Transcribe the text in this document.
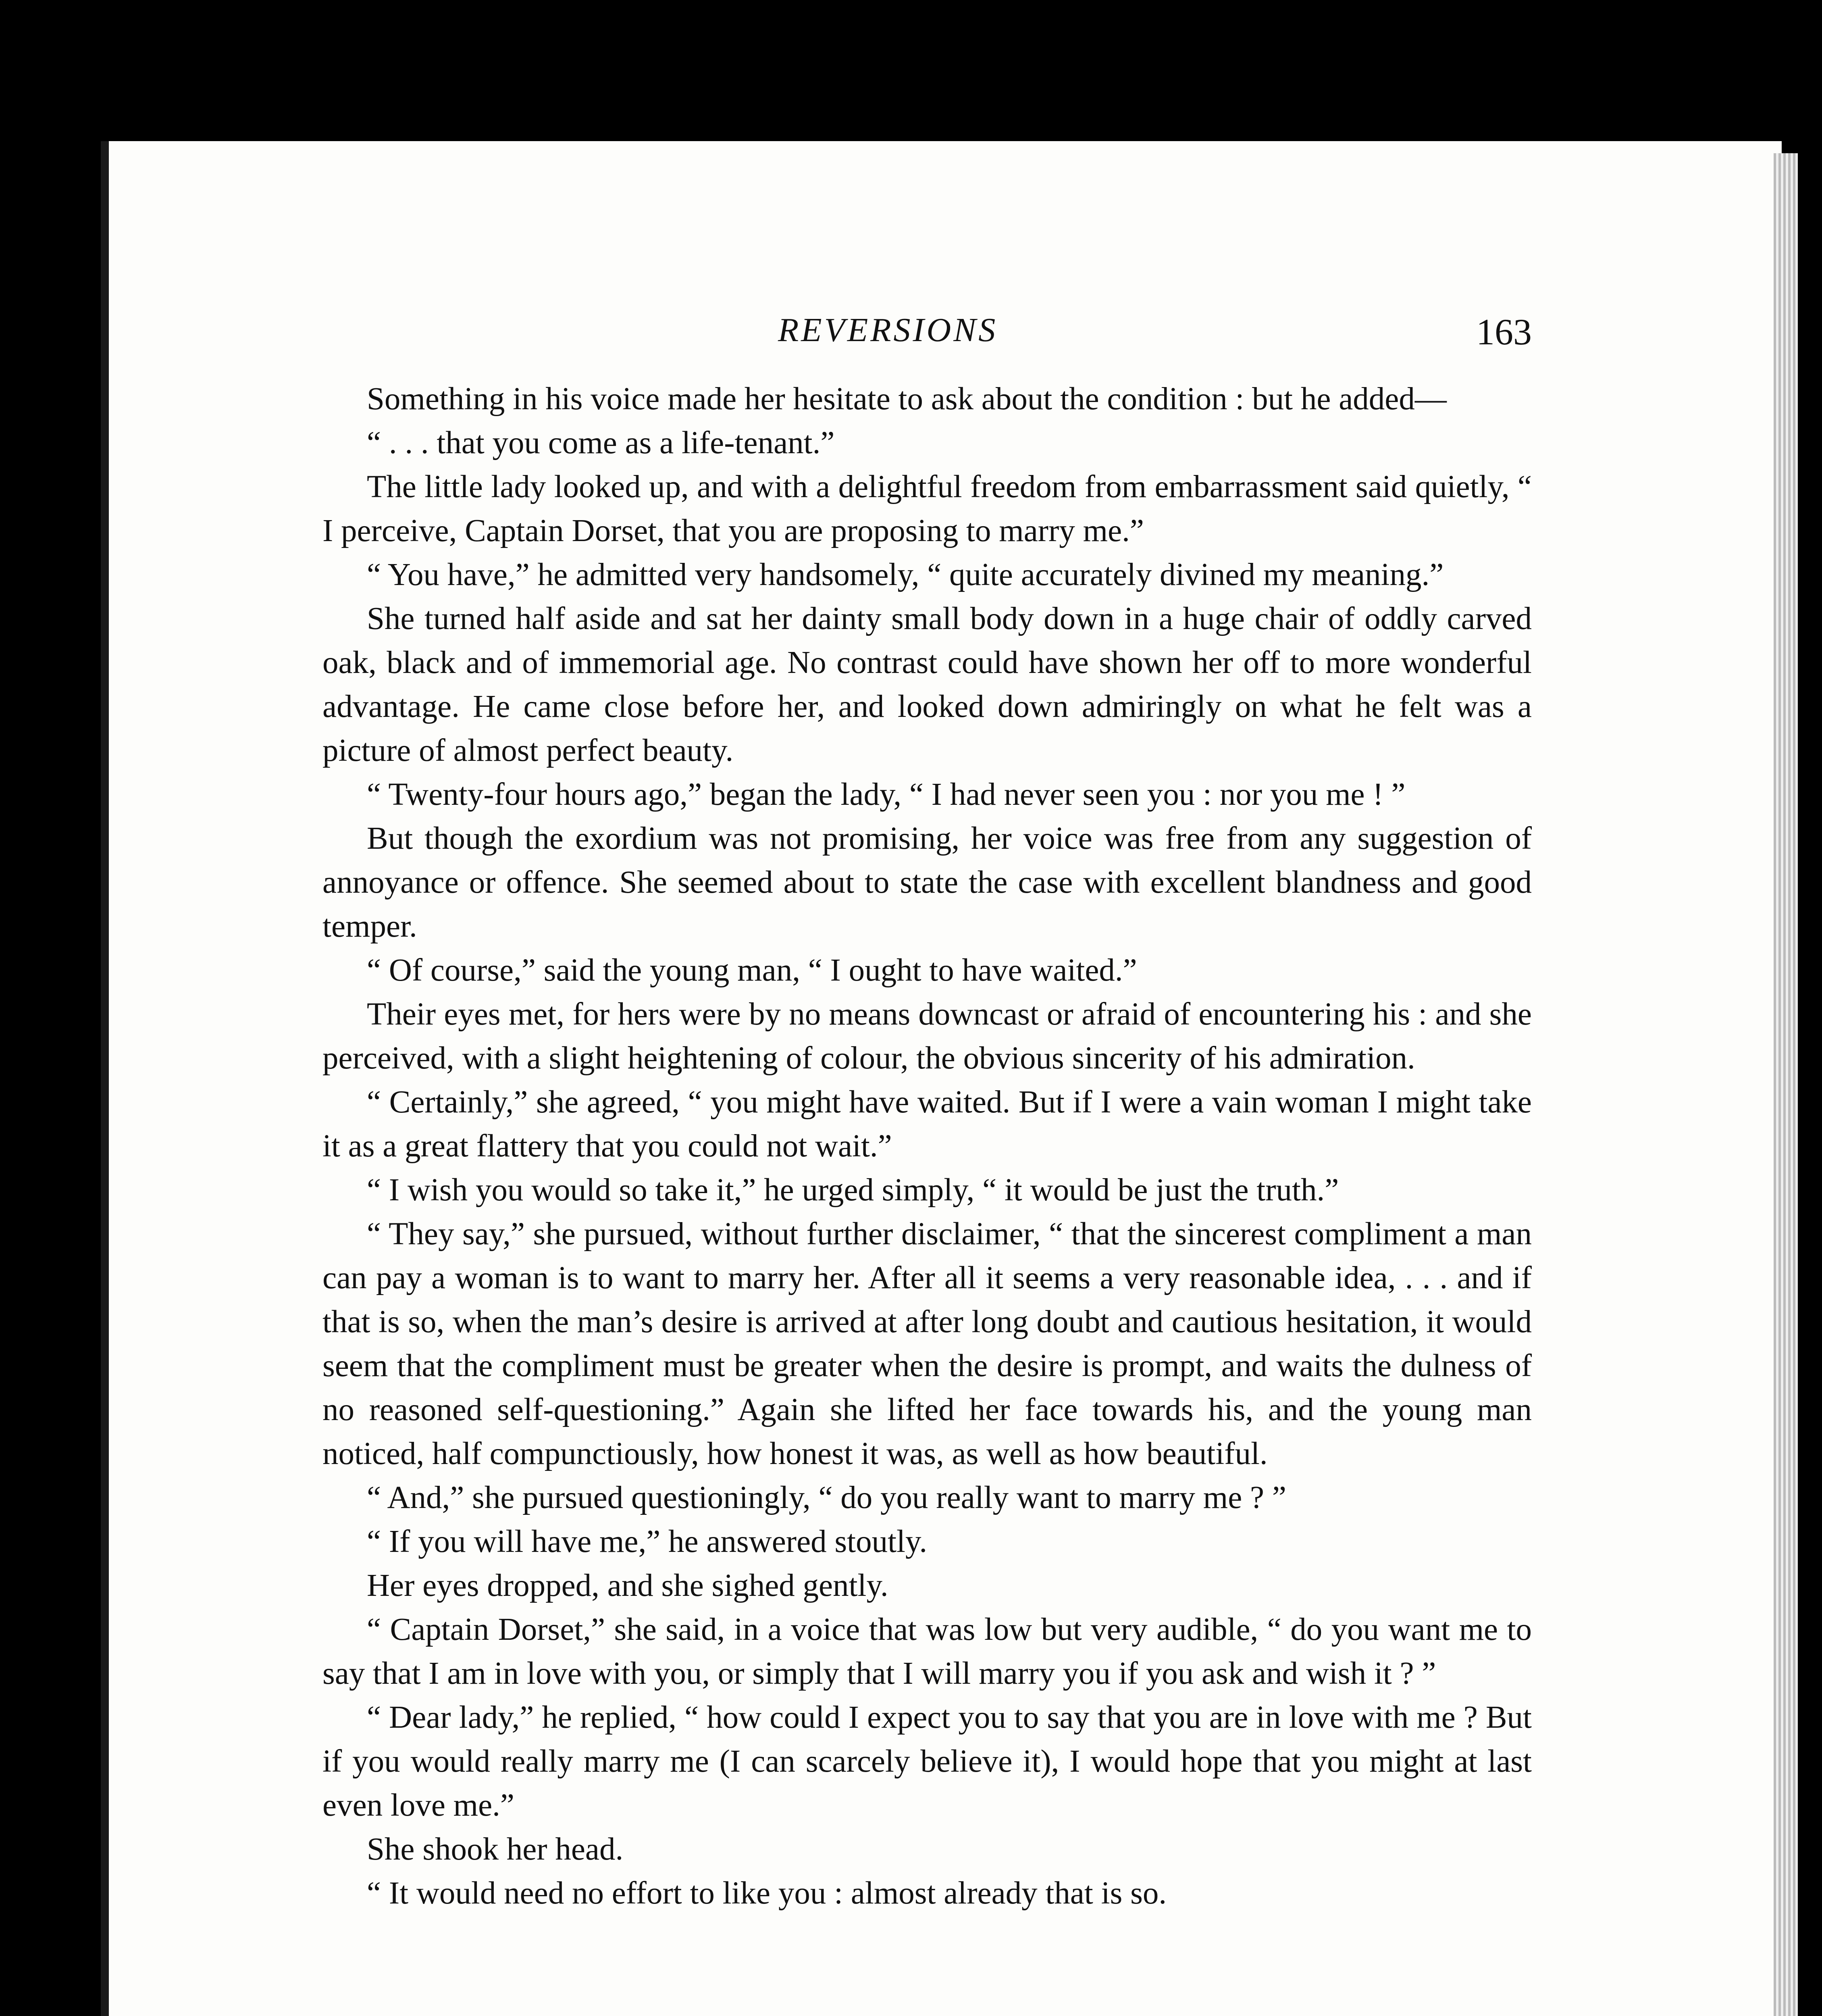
REVERSIONS	163

Something in his voice made her hesitate to ask about the condition : but he added—

“ . . . that you come as a life-tenant.”

The little lady looked up, and with a delightful freedom from embarrassment said quietly, “ I perceive, Captain Dorset, that you are proposing to marry me.”

“ You have,” he admitted very handsomely, “ quite accurately divined my meaning.”

She turned half aside and sat her dainty small body down in a huge chair of oddly carved oak, black and of immemorial age. No contrast could have shown her off to more wonderful advantage. He came close before her, and looked down admiringly on what he felt was a picture of almost perfect beauty.

“ Twenty-four hours ago,” began the lady, “ I had never seen you : nor you me ! ”

But though the exordium was not promising, her voice was free from any suggestion of annoyance or offence. She seemed about to state the case with excellent blandness and good temper.

“ Of course,” said the young man, “ I ought to have waited.”

Their eyes met, for hers were by no means downcast or afraid of encountering his : and she perceived, with a slight heightening of colour, the obvious sincerity of his admiration.

“ Certainly,” she agreed, “ you might have waited. But if I were a vain woman I might take it as a great flattery that you could not wait.”

“ I wish you would so take it,” he urged simply, “ it would be just the truth.”

“ They say,” she pursued, without further disclaimer, “ that the sincerest compliment a man can pay a woman is to want to marry her. After all it seems a very reasonable idea, . . . and if that is so, when the man’s desire is arrived at after long doubt and cautious hesitation, it would seem that the compliment must be greater when the desire is prompt, and waits the dulness of no reasoned self-questioning.” Again she lifted her face towards his, and the young man noticed, half compunctiously, how honest it was, as well as how beautiful.

“ And,” she pursued questioningly, “ do you really want to marry me ? ”

“ If you will have me,” he answered stoutly.

Her eyes dropped, and she sighed gently.

“ Captain Dorset,” she said, in a voice that was low but very audible, “ do you want me to say that I am in love with you, or simply that I will marry you if you ask and wish it ? ”

“ Dear lady,” he replied, “ how could I expect you to say that you are in love with me ? But if you would really marry me (I can scarcely believe it), I would hope that you might at last even love me.”

She shook her head.

“ It would need no effort to like you : almost already that is so.
